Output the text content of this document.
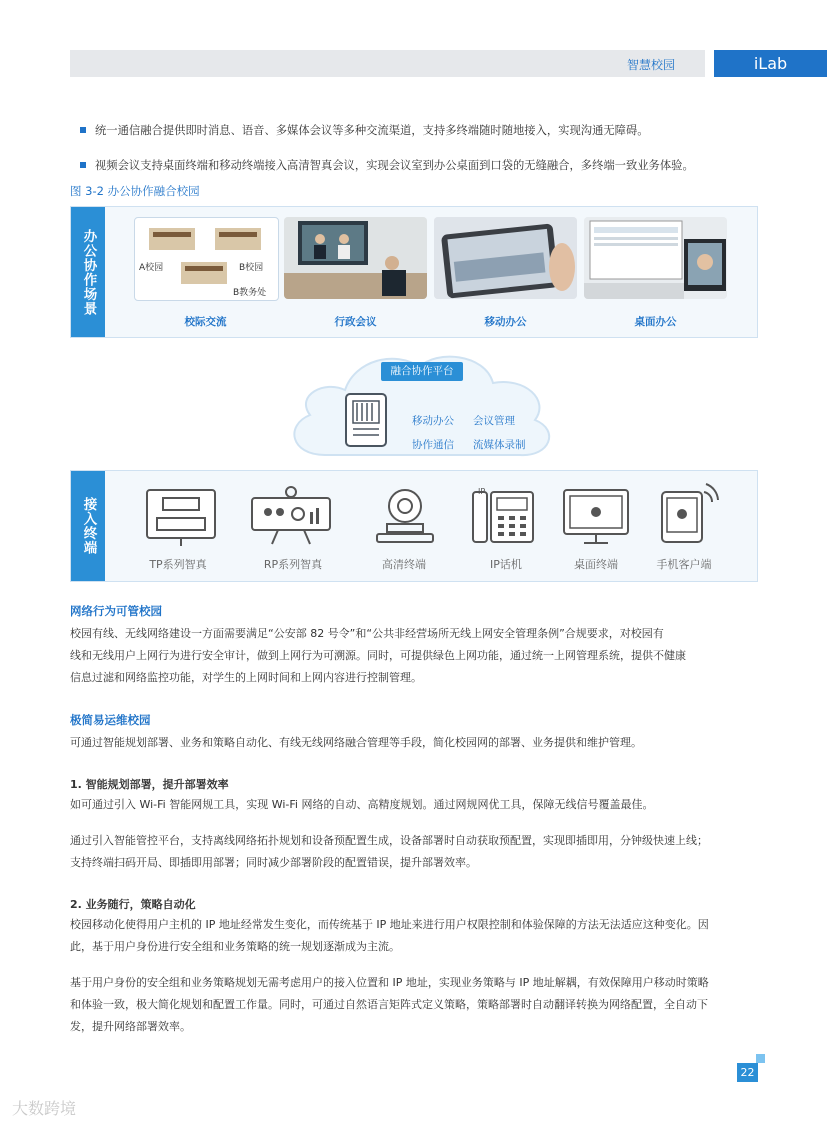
智慧校园	iLab
统一通信融合提供即时消息、语音、多媒体会议等多种交流渠道，支持多终端随时随地接入，实现沟通无障碍。
视频会议支持桌面终端和移动终端接入高清智真会议，实现会议室到办公桌面到口袋的无缝融合，多终端一致业务体验。
图 3-2 办公协作融合校园
办公协作场景	A校园	B校园
B教务处
校际交流	行政会议	移动办公	桌面办公
融合协作平台
移动办公 会议管理
协作通信 流媒体录制
接入终端
IP
TP系列智真	RP系列智真	高清终端	IP话机	桌面终端	手机客户端
网络行为可管校园
校园有线、无线网络建设一方面需要满足“公安部 82 号令”和“公共非经营场所无线上网安全管理条例”合规要求，对校园有
线和无线用户上网行为进行安全审计，做到上网行为可溯源。同时，可提供绿色上网功能，通过统一上网管理系统，提供不健康
信息过滤和网络监控功能，对学生的上网时间和上网内容进行控制管理。
极简易运维校园
可通过智能规划部署、业务和策略自动化、有线无线网络融合管理等手段，简化校园网的部署、业务提供和维护管理。
1. 智能规划部署，提升部署效率
如可通过引入 Wi-Fi 智能网规工具，实现 Wi-Fi 网络的自动、高精度规划。通过网规网优工具，保障无线信号覆盖最佳。
通过引入智能管控平台，支持离线网络拓扑规划和设备预配置生成，设备部署时自动获取预配置，实现即插即用，分钟级快速上线；
支持终端扫码开局、即插即用部署；同时减少部署阶段的配置错误，提升部署效率。
2. 业务随行，策略自动化
校园移动化使得用户主机的 IP 地址经常发生变化，而传统基于 IP 地址来进行用户权限控制和体验保障的方法无法适应这种变化。因
此，基于用户身份进行安全组和业务策略的统一规划逐渐成为主流。
基于用户身份的安全组和业务策略规划无需考虑用户的接入位置和 IP 地址，实现业务策略与 IP 地址解耦，有效保障用户移动时策略
和体验一致，极大简化规划和配置工作量。同时，可通过自然语言矩阵式定义策略，策略部署时自动翻译转换为网络配置，全自动下
发，提升网络部署效率。
22
大数跨境
